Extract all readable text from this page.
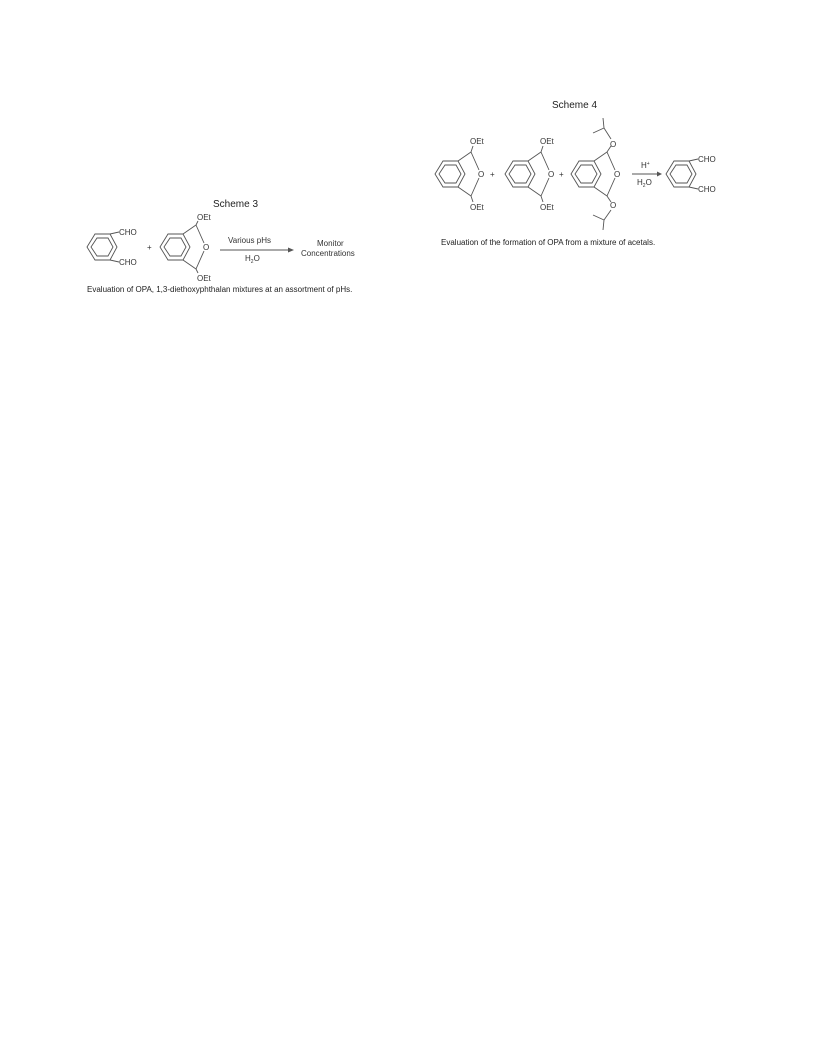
Scheme 4
OEt
OEt
O +
OEt
OEt
O +	O
O
O
H+
$H_2O$
CHO
CHO
Evaluation of the formation of OPA from a mixture of acetals.
Scheme 3
CHO
CHO
+
OEt
OEt
O
Various pHs
$H_2O$
Monitor
Concentrations
Evaluation of OPA, 1,3-diethoxyphthalan mixtures at an assortment of pHs.
